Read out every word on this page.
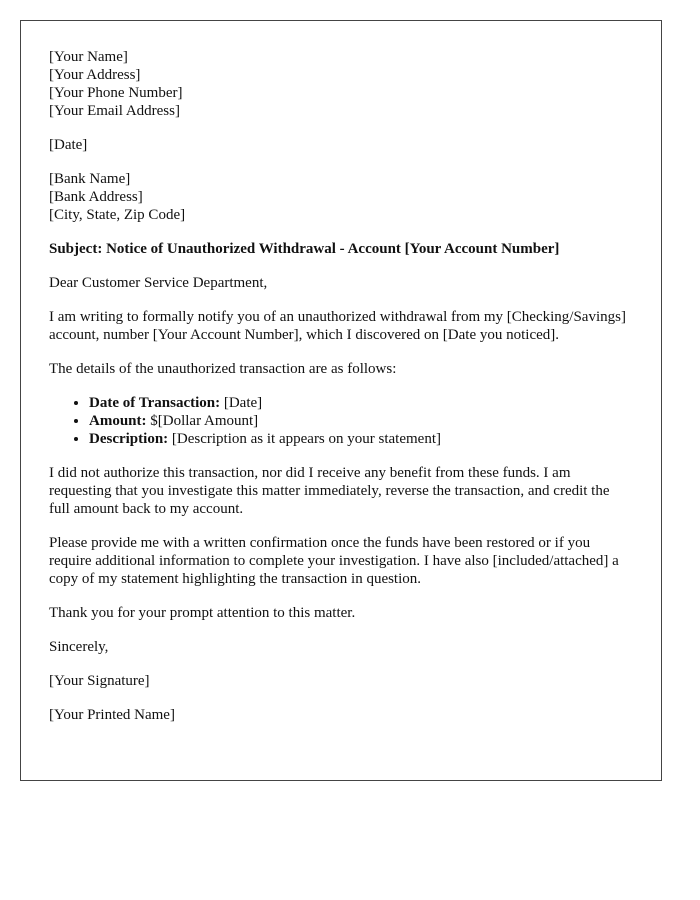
[Your Name]
[Your Address]
[Your Phone Number]
[Your Email Address]

[Date]

[Bank Name]
[Bank Address]
[City, State, Zip Code]

Subject: Notice of Unauthorized Withdrawal - Account [Your Account Number]

Dear Customer Service Department,

I am writing to formally notify you of an unauthorized withdrawal from my [Checking/Savings] account, number [Your Account Number], which I discovered on [Date you noticed].

The details of the unauthorized transaction are as follows:

• Date of Transaction: [Date]
• Amount: $[Dollar Amount]
• Description: [Description as it appears on your statement]

I did not authorize this transaction, nor did I receive any benefit from these funds. I am requesting that you investigate this matter immediately, reverse the transaction, and credit the full amount back to my account.

Please provide me with a written confirmation once the funds have been restored or if you require additional information to complete your investigation. I have also [included/attached] a copy of my statement highlighting the transaction in question.

Thank you for your prompt attention to this matter.

Sincerely,

[Your Signature]

[Your Printed Name]
